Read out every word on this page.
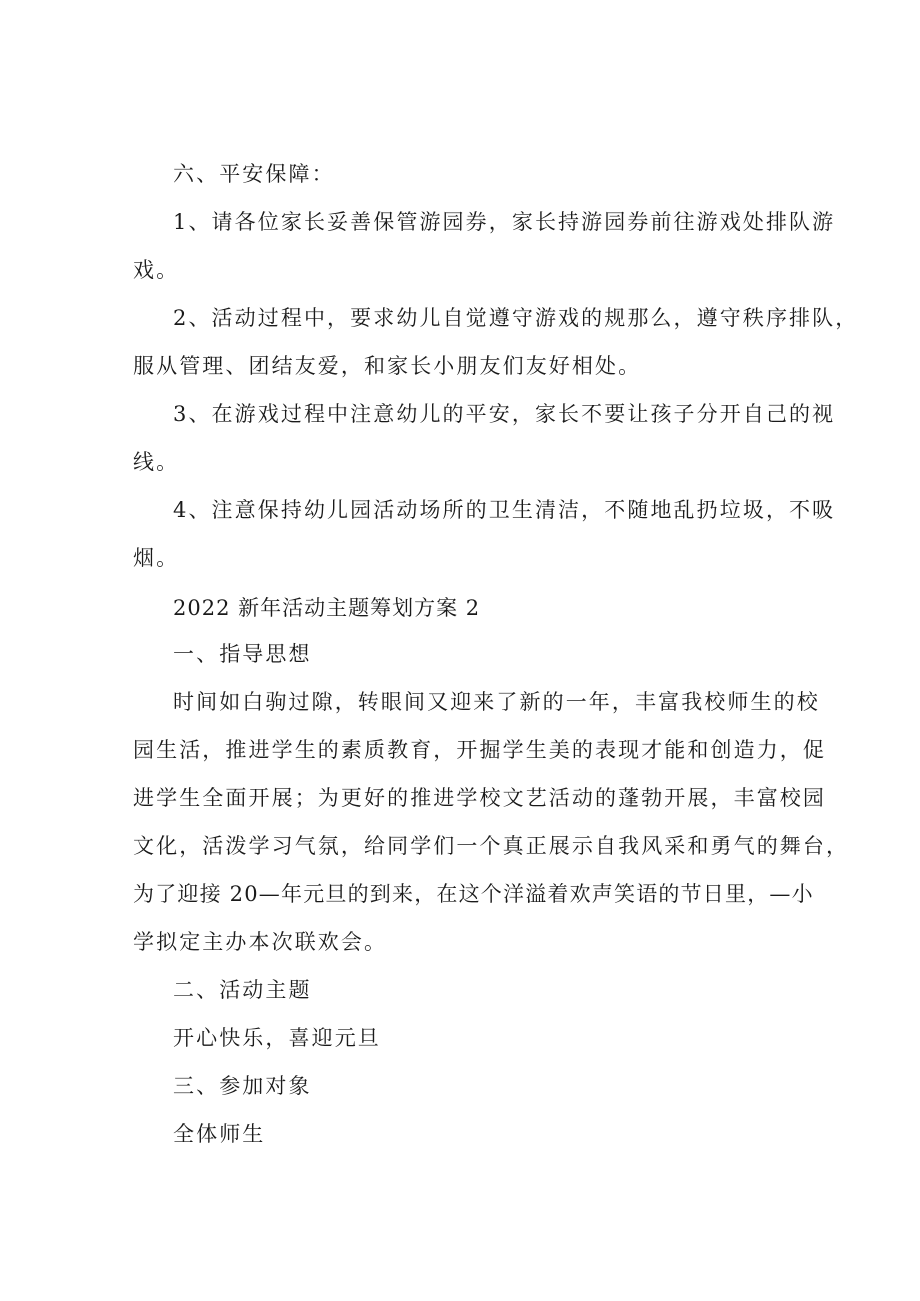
六、平安保障：
1、请各位家长妥善保管游园券，家长持游园券前往游戏处排队游
戏。
2、活动过程中，要求幼儿自觉遵守游戏的规那么，遵守秩序排队，
服从管理、团结友爱，和家长小朋友们友好相处。
3、在游戏过程中注意幼儿的平安，家长不要让孩子分开自己的视
线。
4、注意保持幼儿园活动场所的卫生清洁，不随地乱扔垃圾，不吸
烟。
2022 新年活动主题筹划方案 2
一、指导思想
时间如白驹过隙，转眼间又迎来了新的一年，丰富我校师生的校
园生活，推进学生的素质教育，开掘学生美的表现才能和创造力，促
进学生全面开展；为更好的推进学校文艺活动的蓬勃开展，丰富校园
文化，活泼学习气氛，给同学们一个真正展示自我风采和勇气的舞台，
为了迎接 20—年元旦的到来，在这个洋溢着欢声笑语的节日里，—小
学拟定主办本次联欢会。
二、活动主题
开心快乐，喜迎元旦
三、参加对象
全体师生
